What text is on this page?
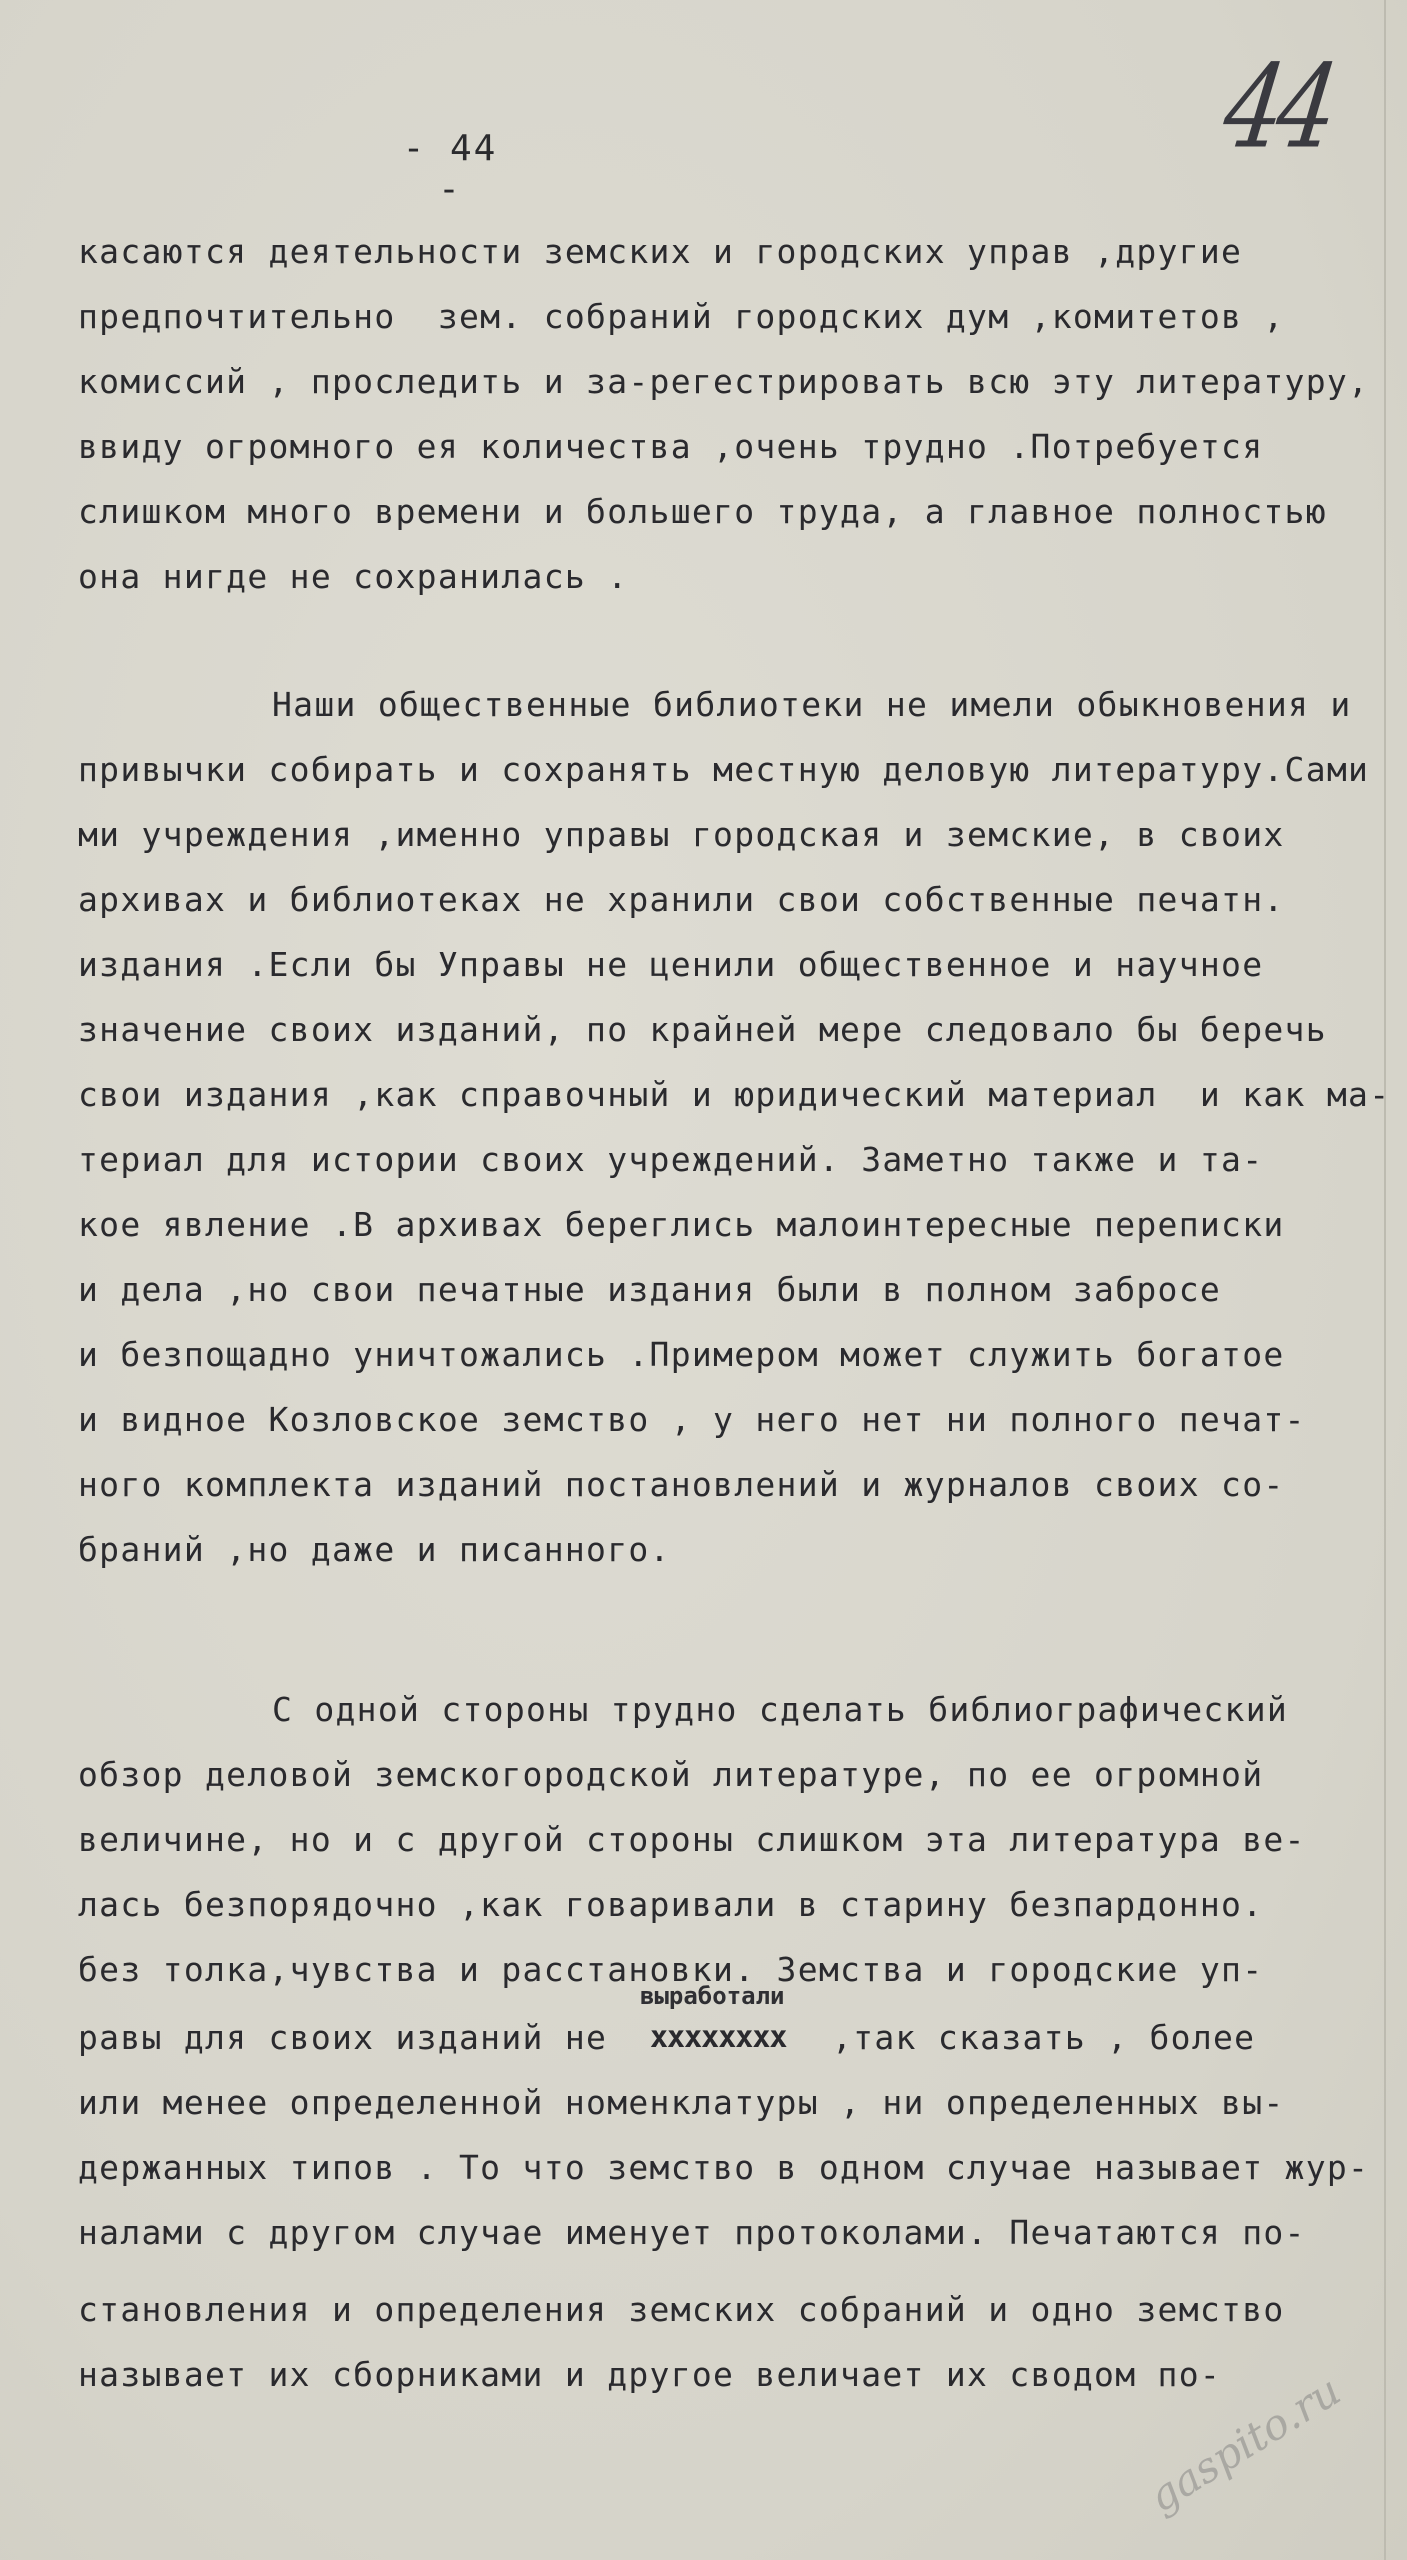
44
- 44 -
касаются деятельности земских и городских управ ,другие
предпочтительно  зем. собраний городских дум ,комитетов ,
комиссий , проследить и за-регестрировать всю эту литературу,
ввиду огромного ея количества ,очень трудно .Потребуется
слишком много времени и большего труда, а главное полностью
она нигде не сохранилась .
Наши общественные библиотеки не имели обыкновения и
привычки собирать и сохранять местную деловую литературу.Сами
ми учреждения ,именно управы городская и земские, в своих
архивах и библиотеках не хранили свои собственные печатн.
издания .Если бы Управы не ценили общественное и научное
значение своих изданий, по крайней мере следовало бы беречь
свои издания ,как справочный и юридический материал  и как ма-
териал для истории своих учреждений. Заметно также и та-
кое явление .В архивах береглись малоинтересные переписки
и дела ,но свои печатные издания были в полном забросе
и безпощадно уничтожались .Примером может служить богатое
и видное Козловское земство , у него нет ни полного печат-
ного комплекта изданий постановлений и журналов своих со-
браний ,но даже и писанного.
С одной стороны трудно сделать библиографический
обзор деловой земскогородской литературе, по ее огромной
величине, но и с другой стороны слишком эта литература ве-
лась безпорядочно ,как говаривали в старину безпардонно.
без толка,чувства и расстановки. Земства и городские уп-
выработали
равы для своих изданий не xxxxxxxx ,так сказать , более
или менее определенной номенклатуры , ни определенных вы-
держанных типов . То что земство в одном случае называет жур-
налами с другом случае именует протоколами. Печатаются по-
становления и определения земских собраний и одно земство
называет их сборниками и другое величает их сводом по-
gaspito.ru
